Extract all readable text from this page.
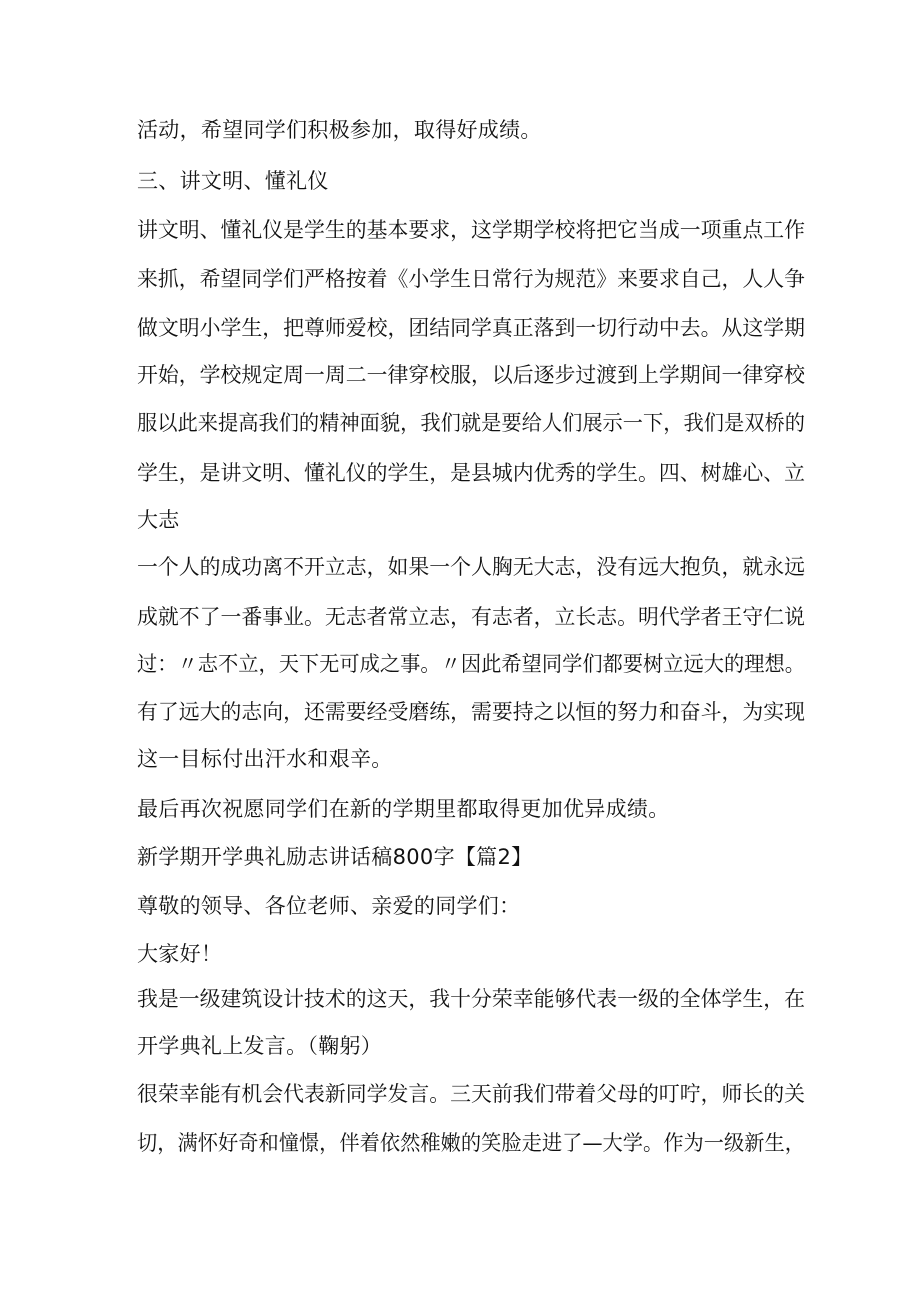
活动，希望同学们积极参加，取得好成绩。
三、讲文明、懂礼仪
讲文明、懂礼仪是学生的基本要求，这学期学校将把它当成一项重点工作
来抓，希望同学们严格按着《小学生日常行为规范》来要求自己，人人争
做文明小学生，把尊师爱校，团结同学真正落到一切行动中去。从这学期
开始，学校规定周一周二一律穿校服，以后逐步过渡到上学期间一律穿校
服以此来提高我们的精神面貌，我们就是要给人们展示一下，我们是双桥的
学生，是讲文明、懂礼仪的学生，是县城内优秀的学生。四、树雄心、立
大志
一个人的成功离不开立志，如果一个人胸无大志，没有远大抱负，就永远
成就不了一番事业。无志者常立志，有志者，立长志。明代学者王守仁说
过：〃志不立，天下无可成之事。〃因此希望同学们都要树立远大的理想。
有了远大的志向，还需要经受磨练，需要持之以恒的努力和奋斗，为实现
这一目标付出汗水和艰辛。
最后再次祝愿同学们在新的学期里都取得更加优异成绩。
新学期开学典礼励志讲话稿800字【篇2】
尊敬的领导、各位老师、亲爱的同学们：
大家好！
我是一级建筑设计技术的这天，我十分荣幸能够代表一级的全体学生，在
开学典礼上发言。（鞠躬）
很荣幸能有机会代表新同学发言。三天前我们带着父母的叮咛，师长的关
切，满怀好奇和憧憬，伴着依然稚嫩的笑脸走进了—大学。作为一级新生，
